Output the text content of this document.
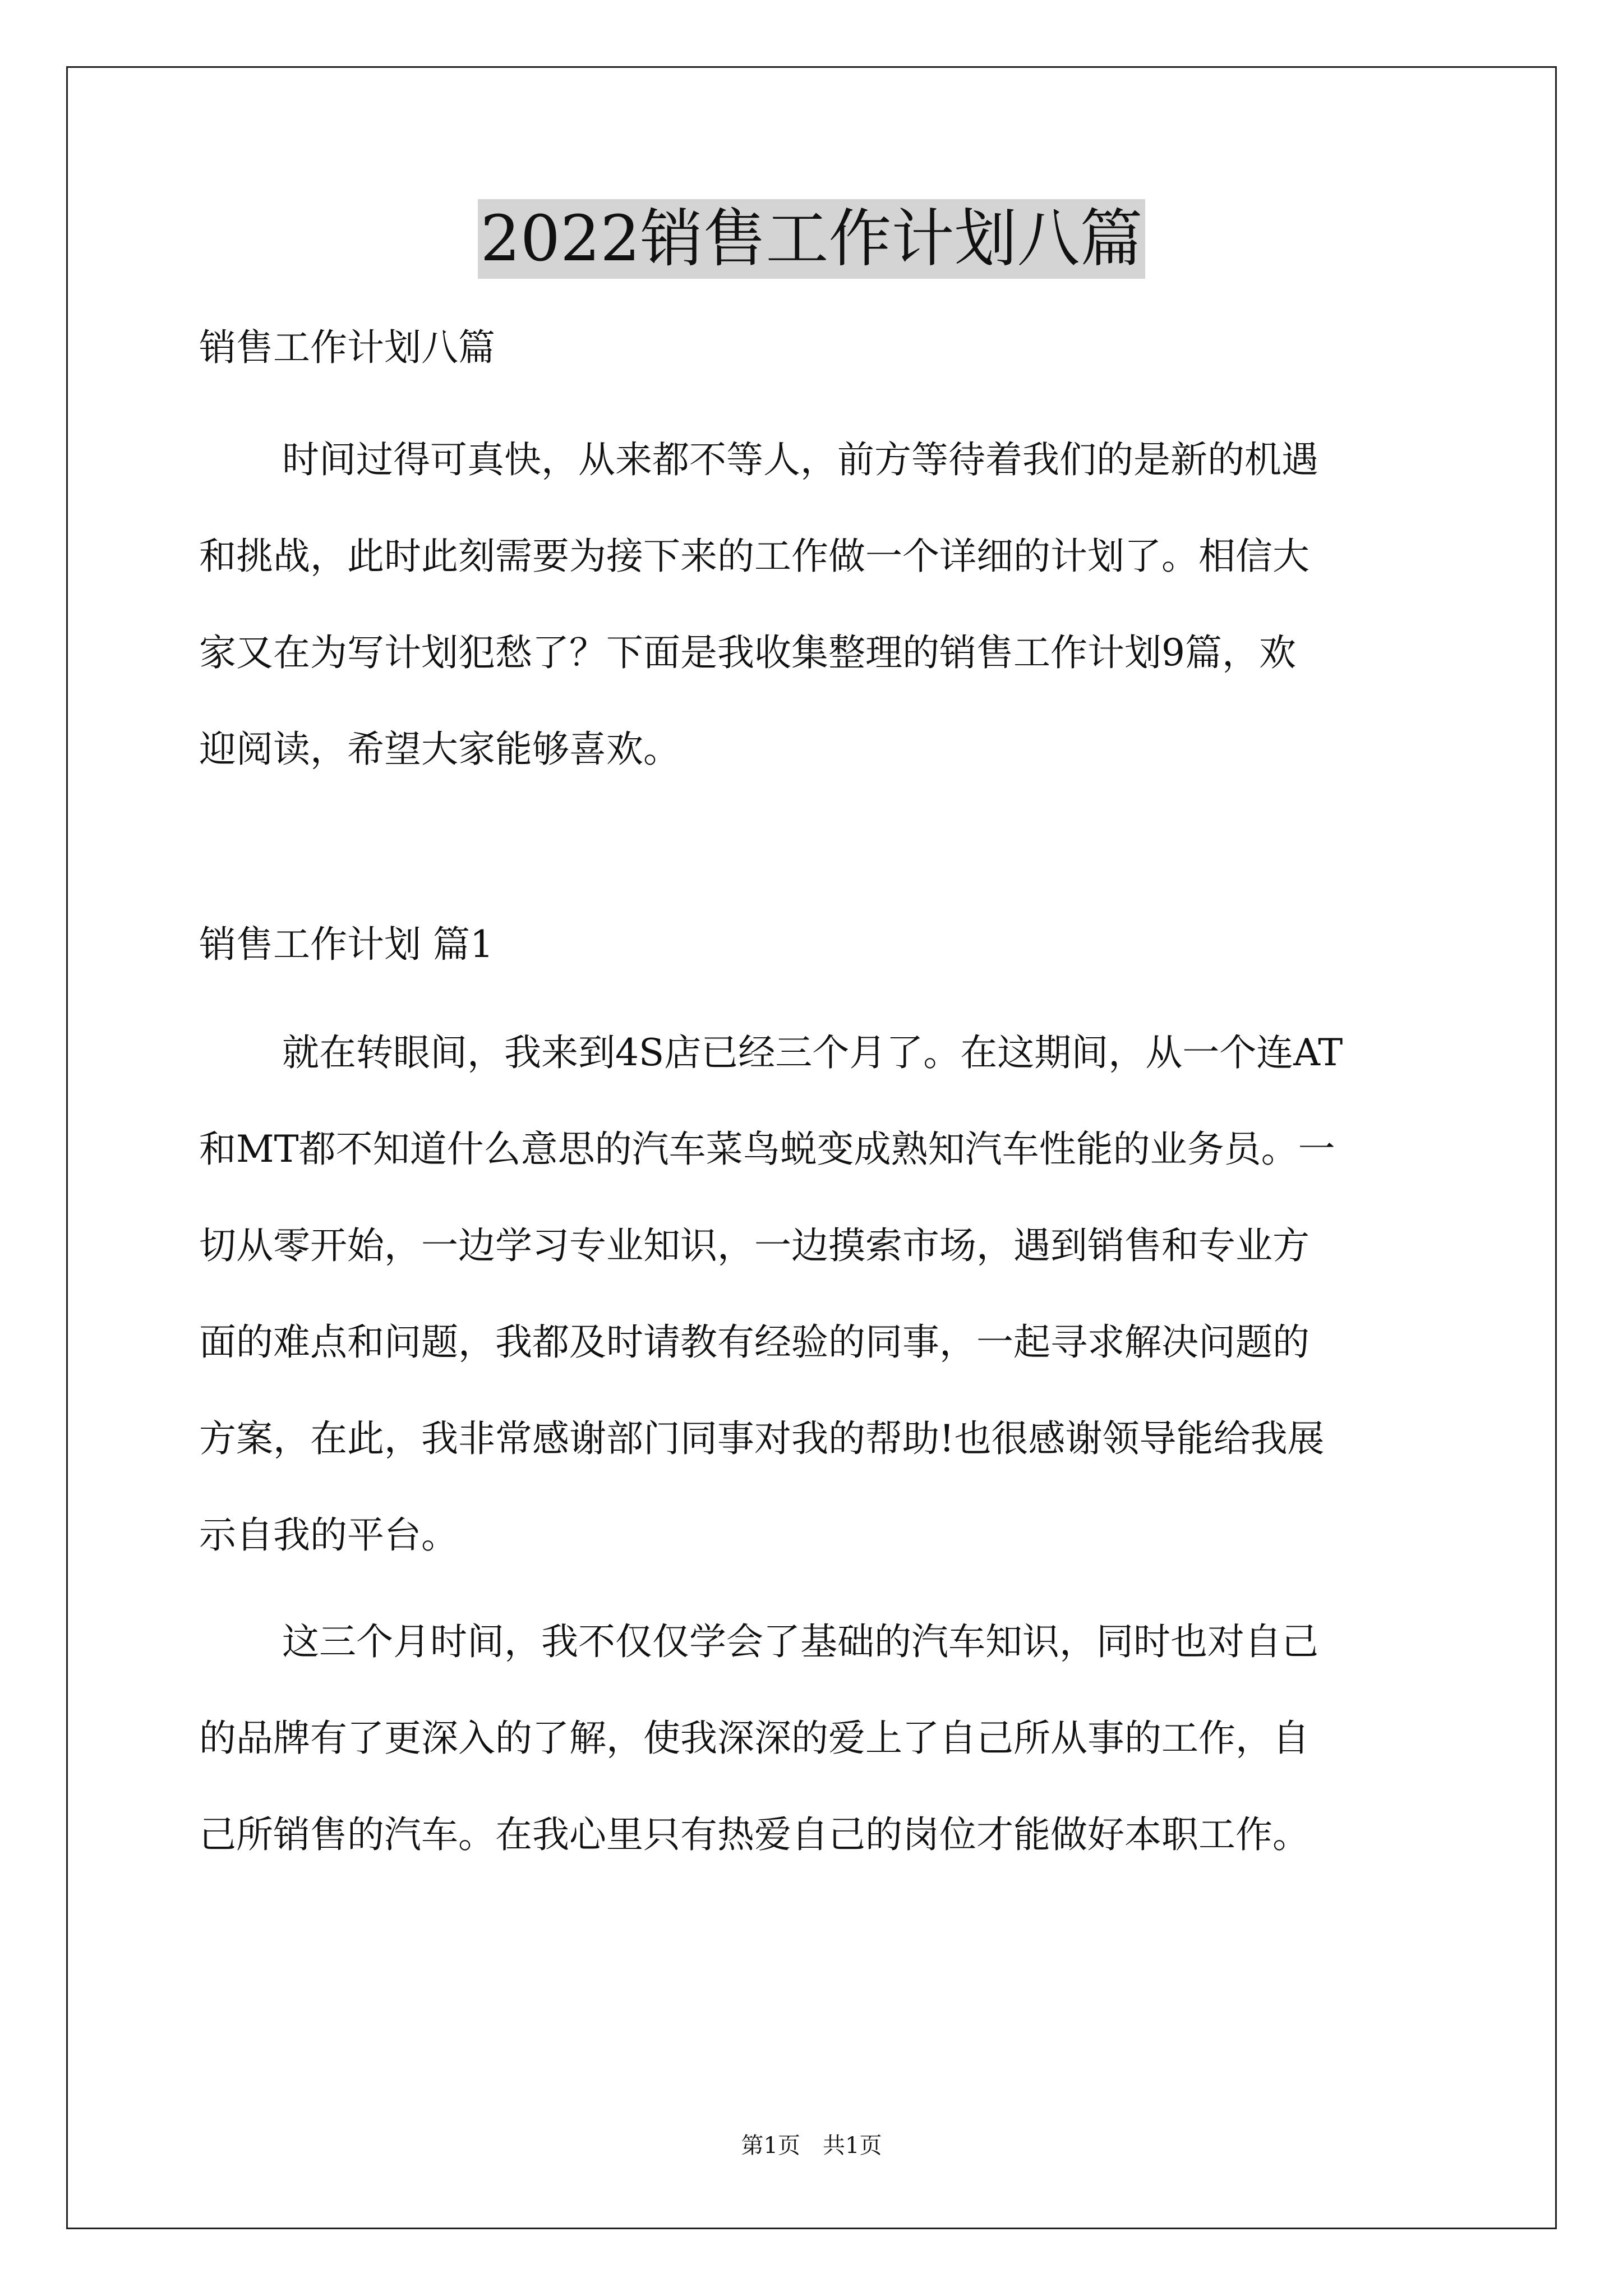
2022销售工作计划八篇
销售工作计划八篇
时间过得可真快，从来都不等人，前方等待着我们的是新的机遇
和挑战，此时此刻需要为接下来的工作做一个详细的计划了。相信大
家又在为写计划犯愁了？下面是我收集整理的销售工作计划9篇，欢
迎阅读，希望大家能够喜欢。
销售工作计划 篇1
就在转眼间，我来到4S店已经三个月了。在这期间，从一个连AT
和MT都不知道什么意思的汽车菜鸟蜕变成熟知汽车性能的业务员。一
切从零开始，一边学习专业知识，一边摸索市场，遇到销售和专业方
面的难点和问题，我都及时请教有经验的同事，一起寻求解决问题的
方案，在此，我非常感谢部门同事对我的帮助!也很感谢领导能给我展
示自我的平台。
这三个月时间，我不仅仅学会了基础的汽车知识，同时也对自己
的品牌有了更深入的了解，使我深深的爱上了自己所从事的工作，自
己所销售的汽车。在我心里只有热爱自己的岗位才能做好本职工作。
第1页　共1页
